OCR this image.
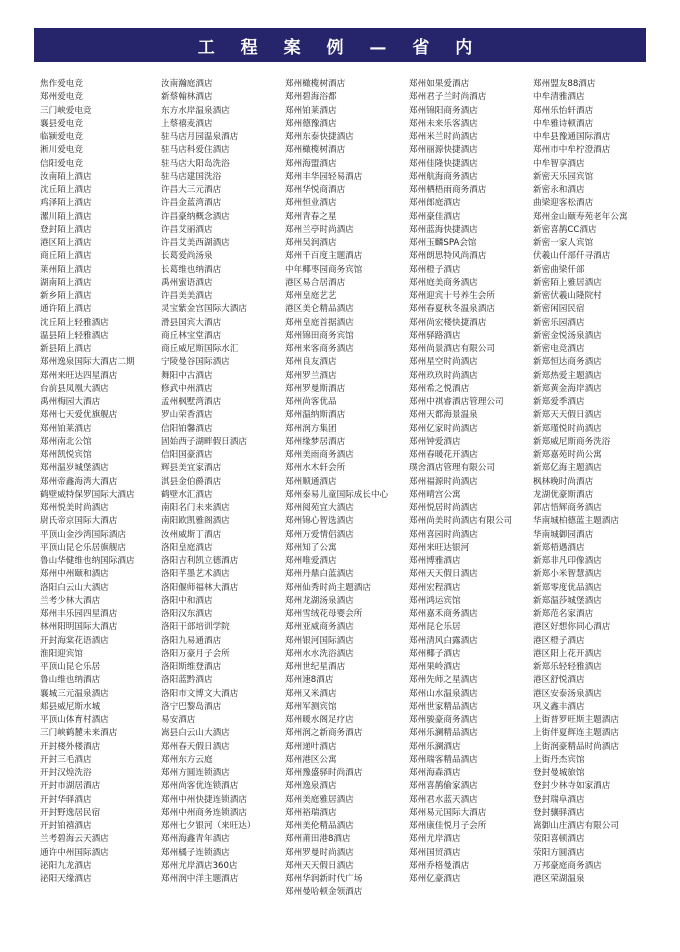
工 程 案 例 — 省 内
焦作爱电竞
郑州爱电竞
三门峡爱电竞
襄县爱电竞
临颍爱电竞
淅川爱电竞
信阳爱电竞
汝南陌上酒店
沈丘陌上酒店
鸡泽陌上酒店
漯川陌上酒店
登封陌上酒店
港区陌上酒店
商丘陌上酒店
莱州陌上酒店
湖南陌上酒店
新乡陌上酒店
通许陌上酒店
沈丘陌上轻雅酒店
温县陌上轻雅酒店
新县陌上酒店
郑州逸泉国际大酒店二期
郑州来旺达四星酒店
台前县凤凰大酒店
禹州梅园大酒店
郑州七天爱优旗舰店
郑州铂莱酒店
郑州南北公馆
郑州凯悦宾馆
郑州温岁城堡酒店
郑州帝鑫海湾大酒店
鹤壁威特保罗国际大酒店
郑州悦美时尚酒店
尉氏帝京国际大酒店
平顶山金沙湾国际酒店
平顶山昆仑乐居旗舰店
鲁山华健维也纳国际酒店
郑州中州颐和酒店
洛阳白云山大酒店
兰考少林大酒店
郑州丰乐园四星酒店
林州阳明国际大酒店
开封海棠花语酒店
淮阳迎宾馆
平顶山昆仑乐居
鲁山维也纳酒店
襄城三元温泉酒店
郏县威尼斯水城
平顶山体育村酒店
三门峡鹤麓未来酒店
开封楼外楼酒店
开封三毛酒店
开封汉煌洗浴
开封市湖居酒店
开封华驿酒店
开封野逸居民宿
开封铂禧酒店
兰考碧海云天酒店
通许中州国际酒店
泌阳九龙酒店
泌阳天缘酒店
汝南瀚庭酒店
新蔡翰林酒店
东方水岸温泉酒店
上蔡禧麦酒店
驻马店月园温泉酒店
驻马店科爱住酒店
驻马店大阳岛洗浴
驻马店建国洗浴
许昌大三元酒店
许昌金蓝湾酒店
许昌豪纳概念酒店
许昌艾丽酒店
许昌艾美西湖酒店
长葛爱尚汤泉
长葛维也纳酒店
禹州蜜语酒店
许昌美美酒店
灵宝紫金宫国际大酒店
滑县国宾大酒店
商丘林宝堂酒店
商丘威尼斯国际水汇
宁陵曼谷国际酒店
舞阳中古酒店
修武中州酒店
孟州枫墅湾酒店
罗山荣香酒店
信阳铂馨酒店
固始西子湖畔假日酒店
信阳国豪酒店
辉县美宜家酒店
淇县金伯爵酒店
鹤壁水汇酒店
南阳名门未来酒店
南阳欧凯雅阁酒店
汝州威斯丁酒店
洛阳皇庭酒店
洛阳吉利凯立德酒店
洛阳芊墨艺术酒店
洛阳偃师福林大酒店
洛阳中和酒店
洛阳汉东酒店
洛阳干部培训学院
洛阳九易通酒店
洛阳万豪月子会所
洛阳斯维登酒店
洛阳蓝黔酒店
洛阳市文博文大酒店
洛宁巴黎岛酒店
易安酒店
嵩县白云山大酒店
郑州春天假日酒店
郑州东方云庭
郑州方圆连锁酒店
郑州尚客优连锁酒店
郑州中州快捷连锁酒店
郑州中州商务连锁酒店
郑州七夕银河（来旺达）
郑州海鑫青年酒店
郑州橘子连锁酒店
郑州尤岸酒店360店
郑州润中洋主题酒店
郑州橄榄树酒店
郑州碧海浴都
郑州铂莱酒店
郑州德豫酒店
郑州东泰快捷酒店
郑州橄榄树酒店
郑州海盟酒店
郑州丰华园轻易酒店
郑州华悦商酒店
郑州恒业酒店
郑州青春之星
郑州兰亭时尚酒店
郑州吴润酒店
郑州千百度主题酒店
中年椰枣园商务宾馆
港区易合居酒店
郑州皇庭艺艺
港区美仑精品酒店
郑州皇庭首据酒店
郑州锦田商务宾馆
郑州来客商务酒店
郑州良友酒店
郑州罗兰酒店
郑州罗曼斯酒店
郑州尚客优品
郑州温纳斯酒店
郑州润方集团
郑州缘梦居酒店
郑州美雨商务酒店
郑州水木轩会所
郑州顺通酒店
郑州泰易儿童国际成长中心
郑州阅苑宜大酒店
郑州锦心智选酒店
郑州万爱情侣酒店
郑州知了公寓
郑州唯爱酒店
郑州丹鼎白蓝酒店
郑州仙秀时尚主题酒店
郑州龙湖汤泉酒店
郑州雪绒花母婴会所
郑州亚威商务酒店
郑州银河国际酒店
郑州水水洗浴酒店
郑州世纪星酒店
郑州速8酒店
郑州又米酒店
郑州军测宾馆
郑州暖水阁足疗店
郑州润之新商务酒店
郑州递叶酒店
郑州港区公寓
郑州豫盛驿时尚酒店
郑州逸泉酒店
郑州美庭雅居酒店
郑州裕瑞酒店
郑州美伦精品酒店
郑州莆田港8酒店
郑州罗曼时尚酒店
郑州天天假日酒店
郑州华润新时代广场
郑州曼哈顿金领酒店
郑州如果爱酒店
郑州君子兰时尚酒店
郑州锦阳商务酒店
郑州未来乐客酒店
郑州米兰时尚酒店
郑州丽源快捷酒店
郑州佳隆快捷酒店
郑州航海商务酒店
郑州栖梧雨商务酒店
郑州郎庭酒店
郑州豪佳酒店
郑州蓝海快捷酒店
郑州玉麟SPA会馆
郑州朗思特风尚酒店
郑州橙子酒店
郑州庭美商务酒店
郑州迎宾十号养生会所
郑州春夏秋冬温泉酒店
郑州尚宏楼快捷酒店
郑州驿路酒店
郑州尚景酒店有限公司
郑州星空时尚酒店
郑州玖玖时尚酒店
郑州希之悦酒店
郑州中祺睿酒店管理公司
郑州天都海景温泉
郑州亿家时尚酒店
郑州钟爱酒店
郑州春暖花开酒店
璞舍酒店管理有限公司
郑州福源时尚酒店
郑州晴宫公寓
郑州悦居时尚酒店
郑州尚美时尚酒店有限公司
郑州喜园时尚酒店
郑州来旺达银河
郑州博雅酒店
郑州天天假日酒店
郑州宏程酒店
郑州鸿运宾馆
郑州嘉禾商务酒店
郑州昆仑乐居
郑州清风白露酒店
郑州椰子酒店
郑州果岭酒店
郑州先师之星酒店
郑州山水温泉酒店
郑州世家精品酒店
郑州骏豪商务酒店
郑州乐澜精品酒店
郑州乐澜酒店
郑州瑞客精品酒店
郑州海森酒店
郑州喜鹊偷家酒店
郑州君水蓝天酒店
郑州易元国际大酒店
郑州康佳悦月子会所
郑州尤岸酒店
郑州国贸酒店
郑州乔格曼酒店
郑州亿豪酒店
郑州盟友88酒店
中牟清雅酒店
郑州乐怡轩酒店
中牟雅诗顿酒店
中牟县豫通国际酒店
郑州市中牟柠澄酒店
中牟智享酒店
新密天乐园宾馆
新密永和酒店
曲梁迎客松酒店
郑州金山颐寿苑老年公寓
新密喜鹊CC酒店
新密一家人宾馆
伏羲山仟部仟寻酒店
新密曲梁仟部
新密陌上雅居酒店
新密伏羲山隆院村
新密闲园民宿
新密乐园酒店
新密金悦汤泉酒店
新密电竞酒店
新郑恒达商务酒店
新郑热爱主题酒店
新郑黄金海岸酒店
新郑爱季酒店
新郑天天假日酒店
新郑瑾悦时尚酒店
新郑威尼斯商务洗浴
新郑嘉苑时尚公寓
新郑亿海主题酒店
枫林晚时尚酒店
龙湖优豪斯酒店
郭店悟辉商务酒店
华南城柏德蓝主题酒店
华南城御园酒店
新郑梧遇酒店
新郑非凡印像酒店
新郑小米智慧酒店
新郑零度优品酒店
新郑温莎城堡酒店
新郑范名家酒店
港区好想你同心酒店
港区橙子酒店
港区阳上花开酒店
新郑乐轻轻雅酒店
港区舒悦酒店
港区安泰汤泉酒店
巩义鑫丰酒店
上街普罗旺斯主题酒店
上街伴夏辉连主题酒店
上街润豪精品时尚酒店
上街丹杰宾馆
登封曼城旅馆
登封少林寺如家酒店
登封瑞阜酒店
登封骧驿酒店
嵩御山庄酒店有限公司
荥阳喜顿酒店
荥阳方圆酒店
万邦豪庭商务酒店
港区荣湖温泉
